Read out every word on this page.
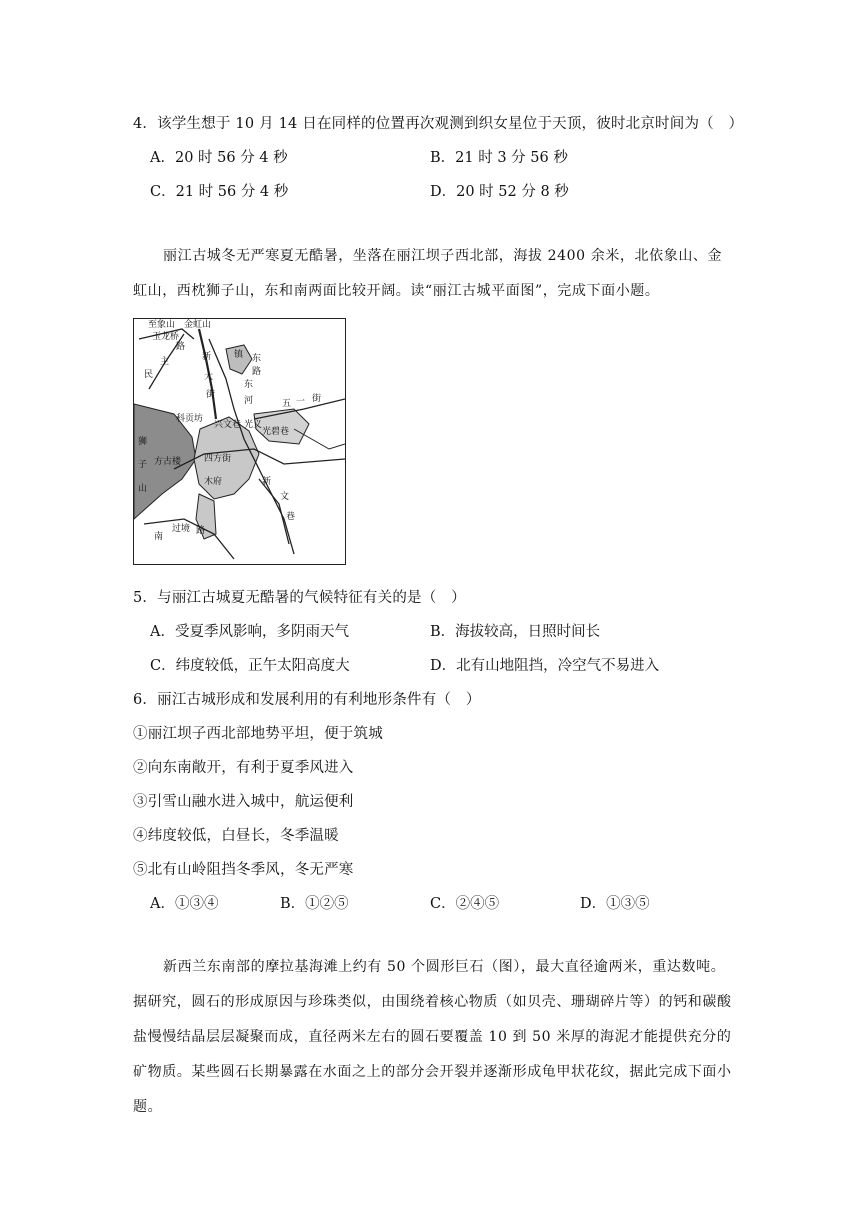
4．该学生想于 10 月 14 日在同样的位置再次观测到织女星位于天顶，彼时北京时间为（　）
A．20 时 56 分 4 秒	B．21 时 3 分 56 秒
C．21 时 56 分 4 秒	D．20 时 52 分 8 秒
丽江古城冬无严寒夏无酷暑，坐落在丽江坝子西北部，海拔 2400 余米，北依象山、金虹山，西枕狮子山，东和南两面比较开阔。读“丽江古城平面图”，完成下面小题。
至象山 金虹山
玉龙桥
路
民
主	新
大
街
镇 东
路
东
河	五 一 街
科贡坊
兴文巷 光义
光碧巷
狮
子
山
方古楼	四方街
木府	新
文
巷
南
过境 路
5．与丽江古城夏无酷暑的气候特征有关的是（　）
A．受夏季风影响，多阴雨天气	B．海拔较高，日照时间长
C．纬度较低，正午太阳高度大	D．北有山地阻挡，冷空气不易进入
6．丽江古城形成和发展利用的有利地形条件有（　）
①丽江坝子西北部地势平坦，便于筑城
②向东南敞开，有利于夏季风进入
③引雪山融水进入城中，航运便利
④纬度较低，白昼长，冬季温暖
⑤北有山岭阻挡冬季风，冬无严寒
A．①③④	B．①②⑤	C．②④⑤	D．①③⑤
新西兰东南部的摩拉基海滩上约有 50 个圆形巨石（图），最大直径逾两米，重达数吨。据研究，圆石的形成原因与珍珠类似，由围绕着核心物质（如贝壳、珊瑚碎片等）的钙和碳酸盐慢慢结晶层层凝聚而成，直径两米左右的圆石要覆盖 10 到 50 米厚的海泥才能提供充分的矿物质。某些圆石长期暴露在水面之上的部分会开裂并逐渐形成龟甲状花纹，据此完成下面小题。
